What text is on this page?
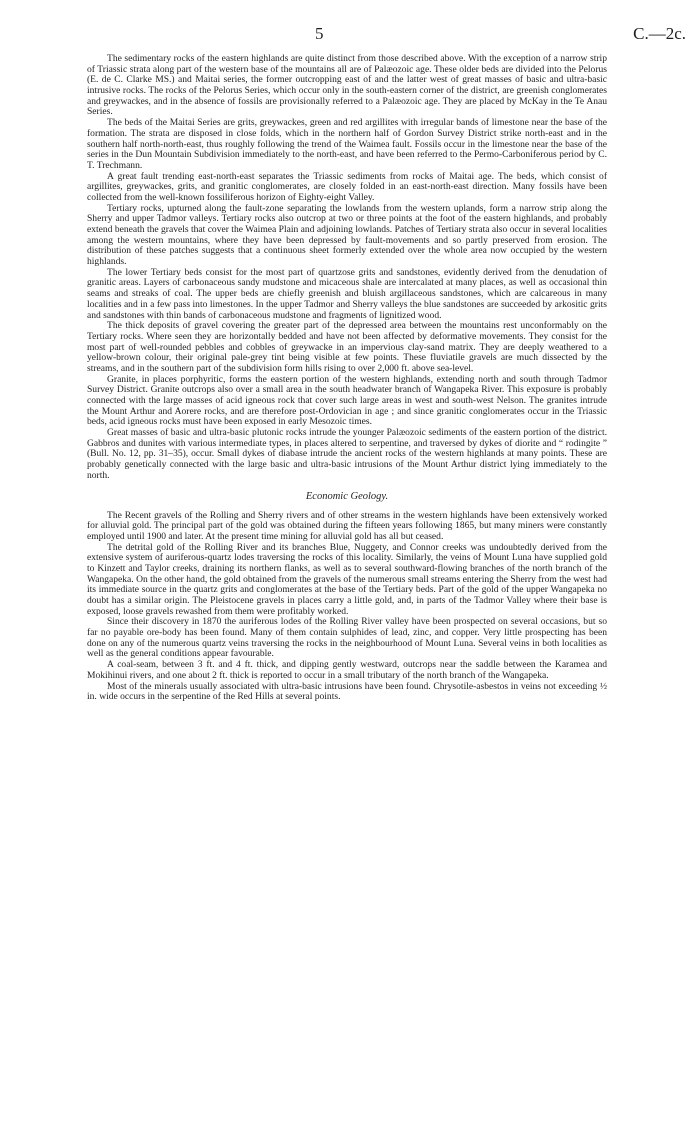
5	C.—2c.

The sedimentary rocks of the eastern highlands are quite distinct from those described above. With the exception of a narrow strip of Triassic strata along part of the western base of the mountains all are of Palæozoic age. These older beds are divided into the Pelorus (E. de C. Clarke MS.) and Maitai series, the former outcropping east of and the latter west of great masses of basic and ultra-basic intrusive rocks. The rocks of the Pelorus Series, which occur only in the south-eastern corner of the district, are greenish conglomerates and greywackes, and in the absence of fossils are provisionally referred to a Palæozoic age. They are placed by McKay in the Te Anau Series.

The beds of the Maitai Series are grits, greywackes, green and red argillites with irregular bands of limestone near the base of the formation. The strata are disposed in close folds, which in the northern half of Gordon Survey District strike north-east and in the southern half north-north-east, thus roughly following the trend of the Waimea fault. Fossils occur in the limestone near the base of the series in the Dun Mountain Subdivision immediately to the north-east, and have been referred to the Permo-Carboniferous period by C. T. Trechmann.

A great fault trending east-north-east separates the Triassic sediments from rocks of Maitai age. The beds, which consist of argillites, greywackes, grits, and granitic conglomerates, are closely folded in an east-north-east direction. Many fossils have been collected from the well-known fossiliferous horizon of Eighty-eight Valley.

Tertiary rocks, upturned along the fault-zone separating the lowlands from the western uplands, form a narrow strip along the Sherry and upper Tadmor valleys. Tertiary rocks also outcrop at two or three points at the foot of the eastern highlands, and probably extend beneath the gravels that cover the Waimea Plain and adjoining lowlands. Patches of Tertiary strata also occur in several localities among the western mountains, where they have been depressed by fault-movements and so partly preserved from erosion. The distribution of these patches suggests that a continuous sheet formerly extended over the whole area now occupied by the western highlands.

The lower Tertiary beds consist for the most part of quartzose grits and sandstones, evidently derived from the denudation of granitic areas. Layers of carbonaceous sandy mudstone and micaceous shale are intercalated at many places, as well as occasional thin seams and streaks of coal. The upper beds are chiefly greenish and bluish argillaceous sandstones, which are calcareous in many localities and in a few pass into limestones. In the upper Tadmor and Sherry valleys the blue sandstones are succeeded by arkositic grits and sandstones with thin bands of carbonaceous mudstone and fragments of lignitized wood.

The thick deposits of gravel covering the greater part of the depressed area between the mountains rest unconformably on the Tertiary rocks. Where seen they are horizontally bedded and have not been affected by deformative movements. They consist for the most part of well-rounded pebbles and cobbles of greywacke in an impervious clay-sand matrix. They are deeply weathered to a yellow-brown colour, their original pale-grey tint being visible at few points. These fluviatile gravels are much dissected by the streams, and in the southern part of the subdivision form hills rising to over 2,000 ft. above sea-level.

Granite, in places porphyritic, forms the eastern portion of the western highlands, extending north and south through Tadmor Survey District. Granite outcrops also over a small area in the south headwater branch of Wangapeka River. This exposure is probably connected with the large masses of acid igneous rock that cover such large areas in west and south-west Nelson. The granites intrude the Mount Arthur and Aorere rocks, and are therefore post-Ordovician in age ; and since granitic conglomerates occur in the Triassic beds, acid igneous rocks must have been exposed in early Mesozoic times.

Great masses of basic and ultra-basic plutonic rocks intrude the younger Palæozoic sediments of the eastern portion of the district. Gabbros and dunites with various intermediate types, in places altered to serpentine, and traversed by dykes of diorite and “ rodingite ” (Bull. No. 12, pp. 31–35), occur. Small dykes of diabase intrude the ancient rocks of the western highlands at many points. These are probably genetically connected with the large basic and ultra-basic intrusions of the Mount Arthur district lying immediately to the north.

Economic Geology.

The Recent gravels of the Rolling and Sherry rivers and of other streams in the western highlands have been extensively worked for alluvial gold. The principal part of the gold was obtained during the fifteen years following 1865, but many miners were constantly employed until 1900 and later. At the present time mining for alluvial gold has all but ceased.

The detrital gold of the Rolling River and its branches Blue, Nuggety, and Connor creeks was undoubtedly derived from the extensive system of auriferous-quartz lodes traversing the rocks of this locality. Similarly, the veins of Mount Luna have supplied gold to Kinzett and Taylor creeks, draining its northern flanks, as well as to several southward-flowing branches of the north branch of the Wangapeka. On the other hand, the gold obtained from the gravels of the numerous small streams entering the Sherry from the west had its immediate source in the quartz grits and conglomerates at the base of the Tertiary beds. Part of the gold of the upper Wangapeka no doubt has a similar origin. The Pleistocene gravels in places carry a little gold, and, in parts of the Tadmor Valley where their base is exposed, loose gravels rewashed from them were profitably worked.

Since their discovery in 1870 the auriferous lodes of the Rolling River valley have been prospected on several occasions, but so far no payable ore-body has been found. Many of them contain sulphides of lead, zinc, and copper. Very little prospecting has been done on any of the numerous quartz veins traversing the rocks in the neighbourhood of Mount Luna. Several veins in both localities as well as the general conditions appear favourable.

A coal-seam, between 3 ft. and 4 ft. thick, and dipping gently westward, outcrops near the saddle between the Karamea and Mokihinui rivers, and one about 2 ft. thick is reported to occur in a small tributary of the north branch of the Wangapeka.

Most of the minerals usually associated with ultra-basic intrusions have been found. Chrysotile-asbestos in veins not exceeding ½ in. wide occurs in the serpentine of the Red Hills at several points.
